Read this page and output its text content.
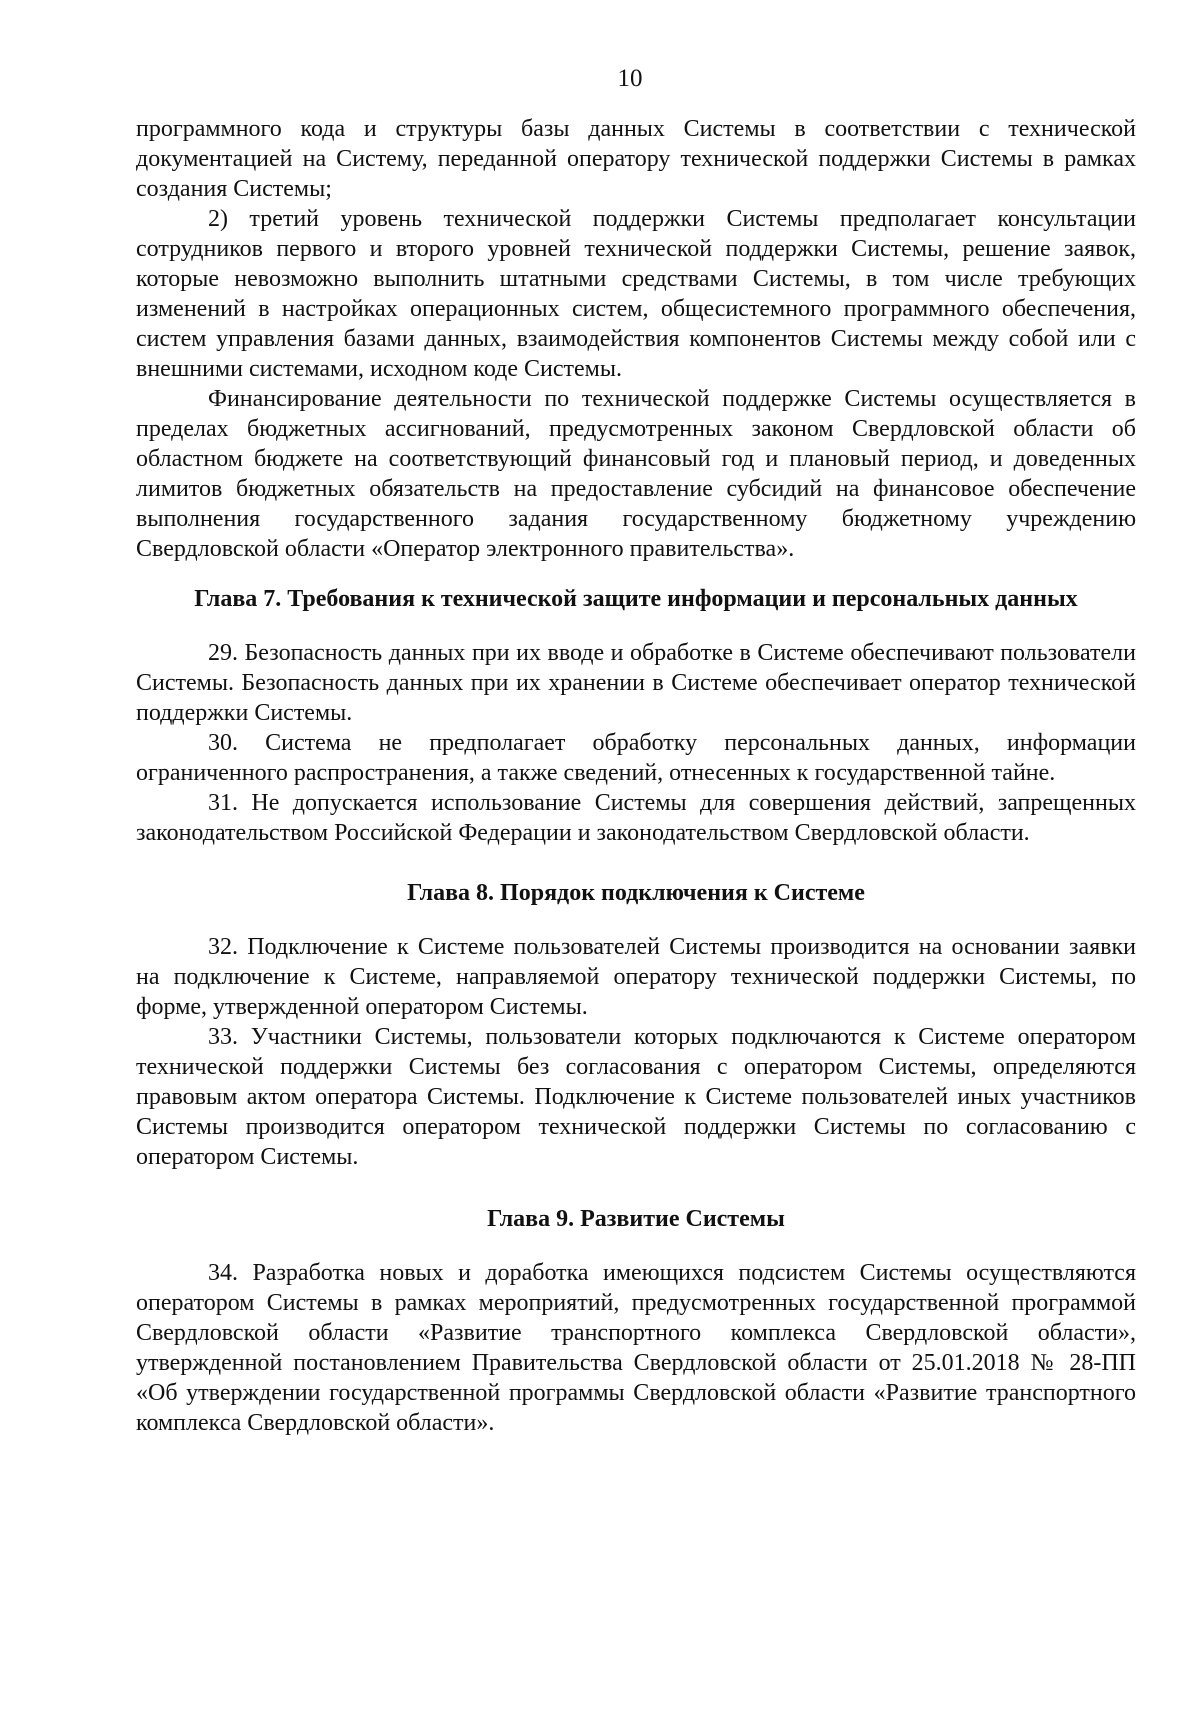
10

программного кода и структуры базы данных Системы в соответствии с технической документацией на Систему, переданной оператору технической поддержки Системы в рамках создания Системы;

2) третий уровень технической поддержки Системы предполагает консультации сотрудников первого и второго уровней технической поддержки Системы, решение заявок, которые невозможно выполнить штатными средствами Системы, в том числе требующих изменений в настройках операционных систем, общесистемного программного обеспечения, систем управления базами данных, взаимодействия компонентов Системы между собой или с внешними системами, исходном коде Системы.

Финансирование деятельности по технической поддержке Системы осуществляется в пределах бюджетных ассигнований, предусмотренных законом Свердловской области об областном бюджете на соответствующий финансовый год и плановый период, и доведенных лимитов бюджетных обязательств на предоставление субсидий на финансовое обеспечение выполнения государственного задания государственному бюджетному учреждению Свердловской области «Оператор электронного правительства».

Глава 7. Требования к технической защите информации и персональных данных

29. Безопасность данных при их вводе и обработке в Системе обеспечивают пользователи Системы. Безопасность данных при их хранении в Системе обеспечивает оператор технической поддержки Системы.

30. Система не предполагает обработку персональных данных, информации ограниченного распространения, а также сведений, отнесенных к государственной тайне.

31. Не допускается использование Системы для совершения действий, запрещенных законодательством Российской Федерации и законодательством Свердловской области.

Глава 8. Порядок подключения к Системе

32. Подключение к Системе пользователей Системы производится на основании заявки на подключение к Системе, направляемой оператору технической поддержки Системы, по форме, утвержденной оператором Системы.

33. Участники Системы, пользователи которых подключаются к Системе оператором технической поддержки Системы без согласования с оператором Системы, определяются правовым актом оператора Системы. Подключение к Системе пользователей иных участников Системы производится оператором технической поддержки Системы по согласованию с оператором Системы.

Глава 9. Развитие Системы

34. Разработка новых и доработка имеющихся подсистем Системы осуществляются оператором Системы в рамках мероприятий, предусмотренных государственной программой Свердловской области «Развитие транспортного комплекса Свердловской области», утвержденной постановлением Правительства Свердловской области от 25.01.2018 № 28-ПП «Об утверждении государственной программы Свердловской области «Развитие транспортного комплекса Свердловской области».
